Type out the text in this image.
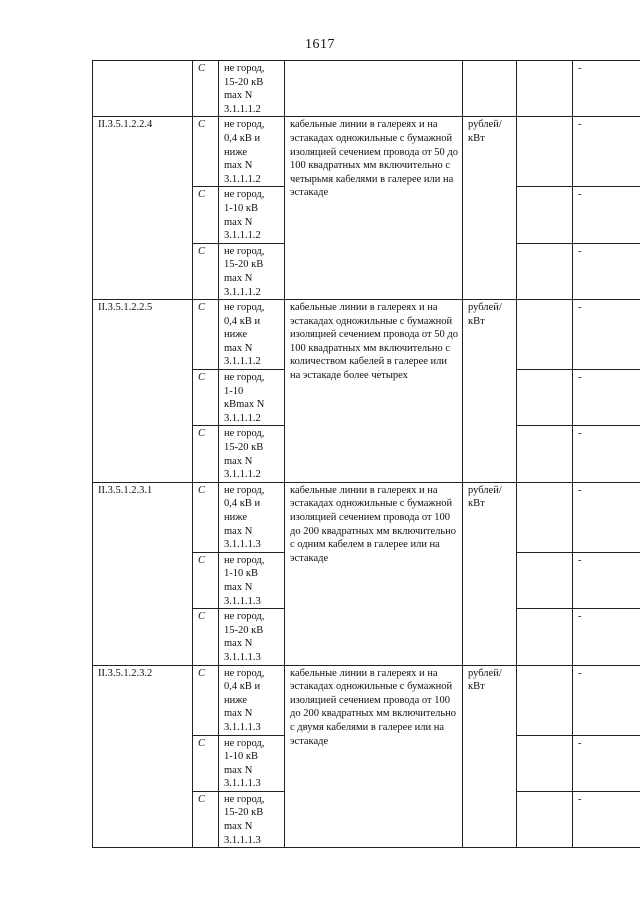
1617
	С	не город,
15-20 кВ
max N
3.1.1.1.2				-
II.3.5.1.2.2.4	С	не город,
0,4 кВ и
ниже
max N
3.1.1.1.2	кабельные линии в галереях и на эстакадах одножильные с бумажной изоляцией сечением провода от 50 до 100 квадратных мм включительно с четырьмя кабелями в галерее или на эстакаде	рублей/
кВт		-
	С	не город,
1-10 кВ
max N
3.1.1.1.2				-
	С	не город,
15-20 кВ
max N
3.1.1.1.2				-
II.3.5.1.2.2.5	С	не город,
0,4 кВ и
ниже
max N
3.1.1.1.2	кабельные линии в галереях и на эстакадах одножильные с бумажной изоляцией сечением провода от 50 до 100 квадратных мм включительно с количеством кабелей в галерее или на эстакаде более четырех	рублей/
кВт		-
	С	не город,
1-10
кВmax N
3.1.1.1.2				-
	С	не город,
15-20 кВ
max N
3.1.1.1.2				-
II.3.5.1.2.3.1	С	не город,
0,4 кВ и
ниже
max N
3.1.1.1.3	кабельные линии в галереях и на эстакадах одножильные с бумажной изоляцией сечением провода от 100 до 200 квадратных мм включительно с одним кабелем в галерее или на эстакаде	рублей/
кВт		-
	С	не город,
1-10 кВ
max N
3.1.1.1.3				-
	С	не город,
15-20 кВ
max N
3.1.1.1.3				-
II.3.5.1.2.3.2	С	не город,
0,4 кВ и
ниже
max N
3.1.1.1.3	кабельные линии в галереях и на эстакадах одножильные с бумажной изоляцией сечением провода от 100 до 200 квадратных мм включительно с двумя кабелями в галерее или на эстакаде	рублей/
кВт		-
	С	не город,
1-10 кВ
max N
3.1.1.1.3				-
	С	не город,
15-20 кВ
max N
3.1.1.1.3				-
